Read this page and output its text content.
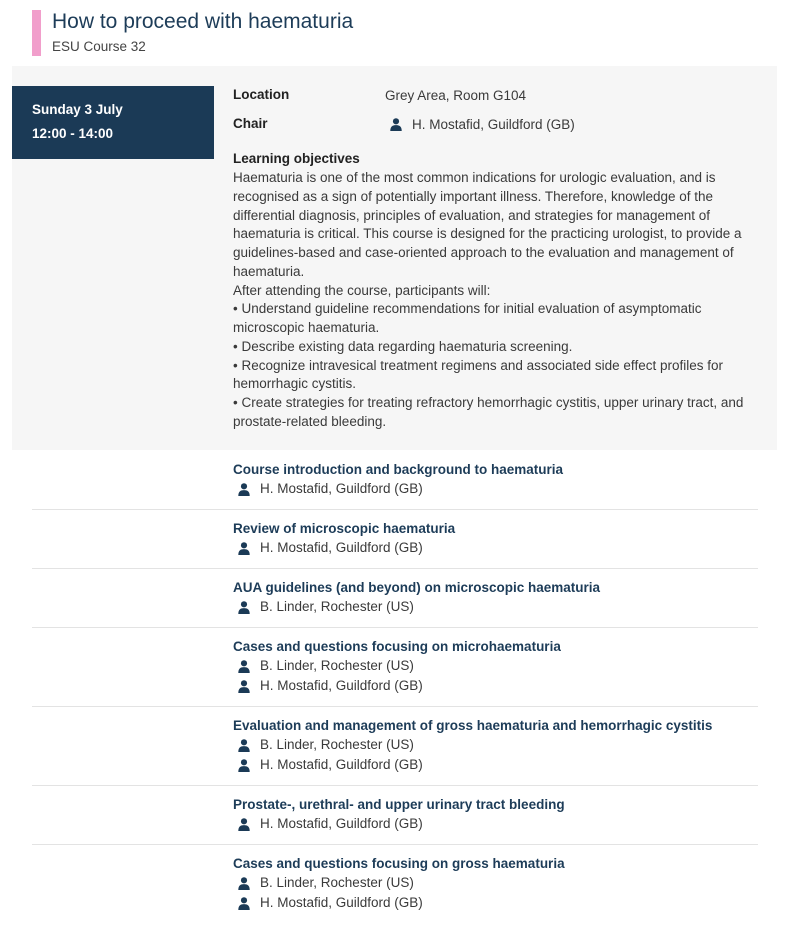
How to proceed with haematuria
ESU Course 32
Sunday 3 July
12:00 - 14:00
Location	Grey Area, Room G104
Chair	H. Mostafid, Guildford (GB)
Learning objectives
Haematuria is one of the most common indications for urologic evaluation, and is recognised as a sign of potentially important illness. Therefore, knowledge of the differential diagnosis, principles of evaluation, and strategies for management of haematuria is critical. This course is designed for the practicing urologist, to provide a guidelines-based and case-oriented approach to the evaluation and management of haematuria.
After attending the course, participants will:
• Understand guideline recommendations for initial evaluation of asymptomatic microscopic haematuria.
• Describe existing data regarding haematuria screening.
• Recognize intravesical treatment regimens and associated side effect profiles for hemorrhagic cystitis.
• Create strategies for treating refractory hemorrhagic cystitis, upper urinary tract, and prostate-related bleeding.
Course introduction and background to haematuria
H. Mostafid, Guildford (GB)
Review of microscopic haematuria
H. Mostafid, Guildford (GB)
AUA guidelines (and beyond) on microscopic haematuria
B. Linder, Rochester (US)
Cases and questions focusing on microhaematuria
B. Linder, Rochester (US)
H. Mostafid, Guildford (GB)
Evaluation and management of gross haematuria and hemorrhagic cystitis
B. Linder, Rochester (US)
H. Mostafid, Guildford (GB)
Prostate-, urethral- and upper urinary tract bleeding
H. Mostafid, Guildford (GB)
Cases and questions focusing on gross haematuria
B. Linder, Rochester (US)
H. Mostafid, Guildford (GB)
